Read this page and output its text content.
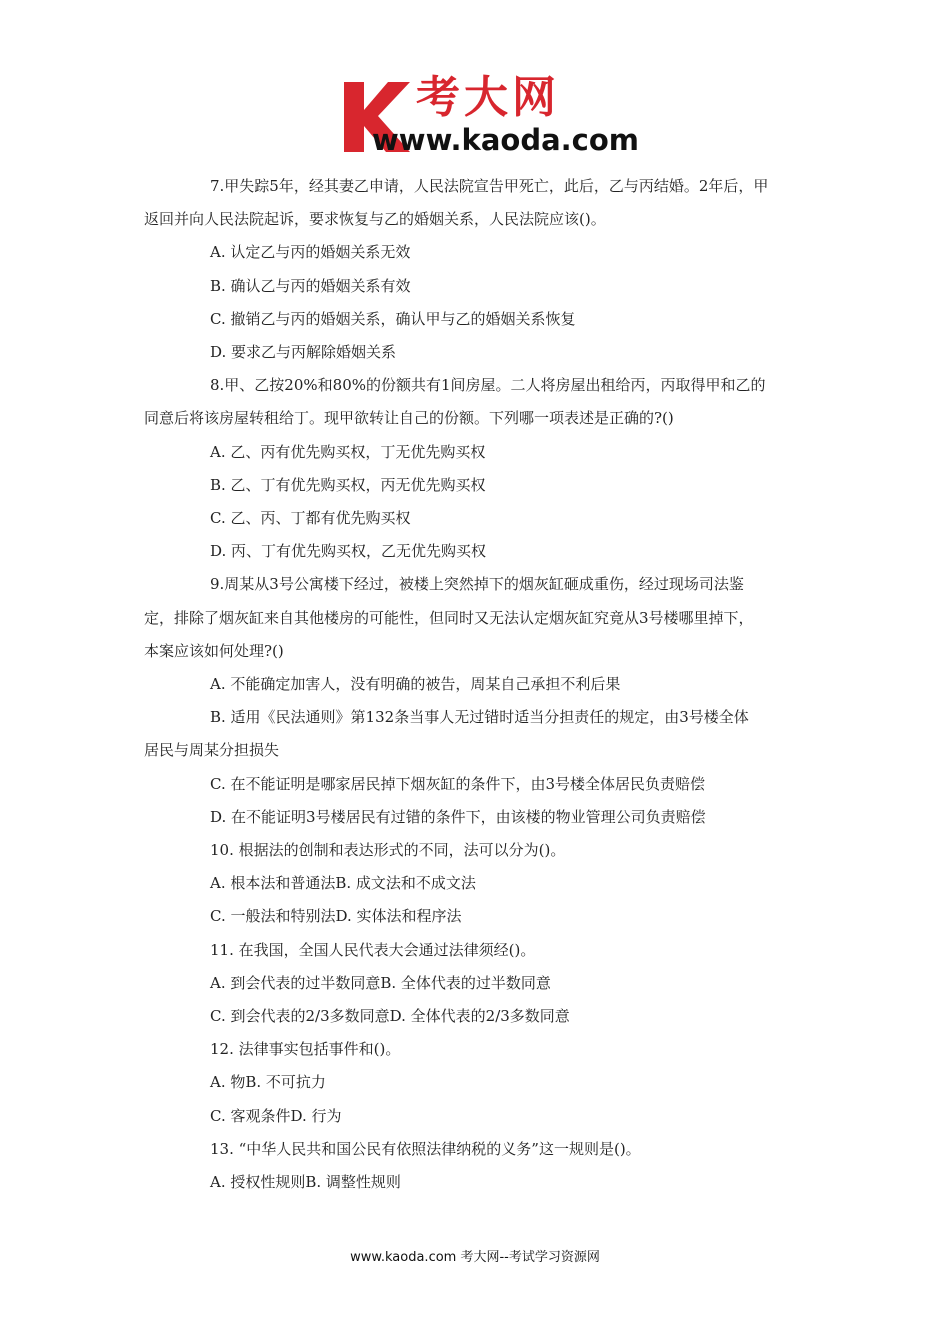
考大网
www.kaoda.com
7.甲失踪5年，经其妻乙申请，人民法院宣告甲死亡，此后，乙与丙结婚。2年后，甲
返回并向人民法院起诉，要求恢复与乙的婚姻关系，人民法院应该()。
A. 认定乙与丙的婚姻关系无效
B. 确认乙与丙的婚姻关系有效
C. 撤销乙与丙的婚姻关系，确认甲与乙的婚姻关系恢复
D. 要求乙与丙解除婚姻关系
8.甲、乙按20%和80%的份额共有1间房屋。二人将房屋出租给丙，丙取得甲和乙的
同意后将该房屋转租给丁。现甲欲转让自己的份额。下列哪一项表述是正确的?()
A. 乙、丙有优先购买权，丁无优先购买权
B. 乙、丁有优先购买权，丙无优先购买权
C. 乙、丙、丁都有优先购买权
D. 丙、丁有优先购买权，乙无优先购买权
9.周某从3号公寓楼下经过，被楼上突然掉下的烟灰缸砸成重伤，经过现场司法鉴
定，排除了烟灰缸来自其他楼房的可能性，但同时又无法认定烟灰缸究竟从3号楼哪里掉下，
本案应该如何处理?()
A. 不能确定加害人，没有明确的被告，周某自己承担不利后果
B. 适用《民法通则》第132条当事人无过错时适当分担责任的规定，由3号楼全体
居民与周某分担损失
C. 在不能证明是哪家居民掉下烟灰缸的条件下，由3号楼全体居民负责赔偿
D. 在不能证明3号楼居民有过错的条件下，由该楼的物业管理公司负责赔偿
10. 根据法的创制和表达形式的不同，法可以分为()。
A. 根本法和普通法B. 成文法和不成文法
C. 一般法和特别法D. 实体法和程序法
11. 在我国，全国人民代表大会通过法律须经()。
A. 到会代表的过半数同意B. 全体代表的过半数同意
C. 到会代表的2/3多数同意D. 全体代表的2/3多数同意
12. 法律事实包括事件和()。
A. 物B. 不可抗力
C. 客观条件D. 行为
13. “中华人民共和国公民有依照法律纳税的义务”这一规则是()。
A. 授权性规则B. 调整性规则
www.kaoda.com 考大网--考试学习资源网
